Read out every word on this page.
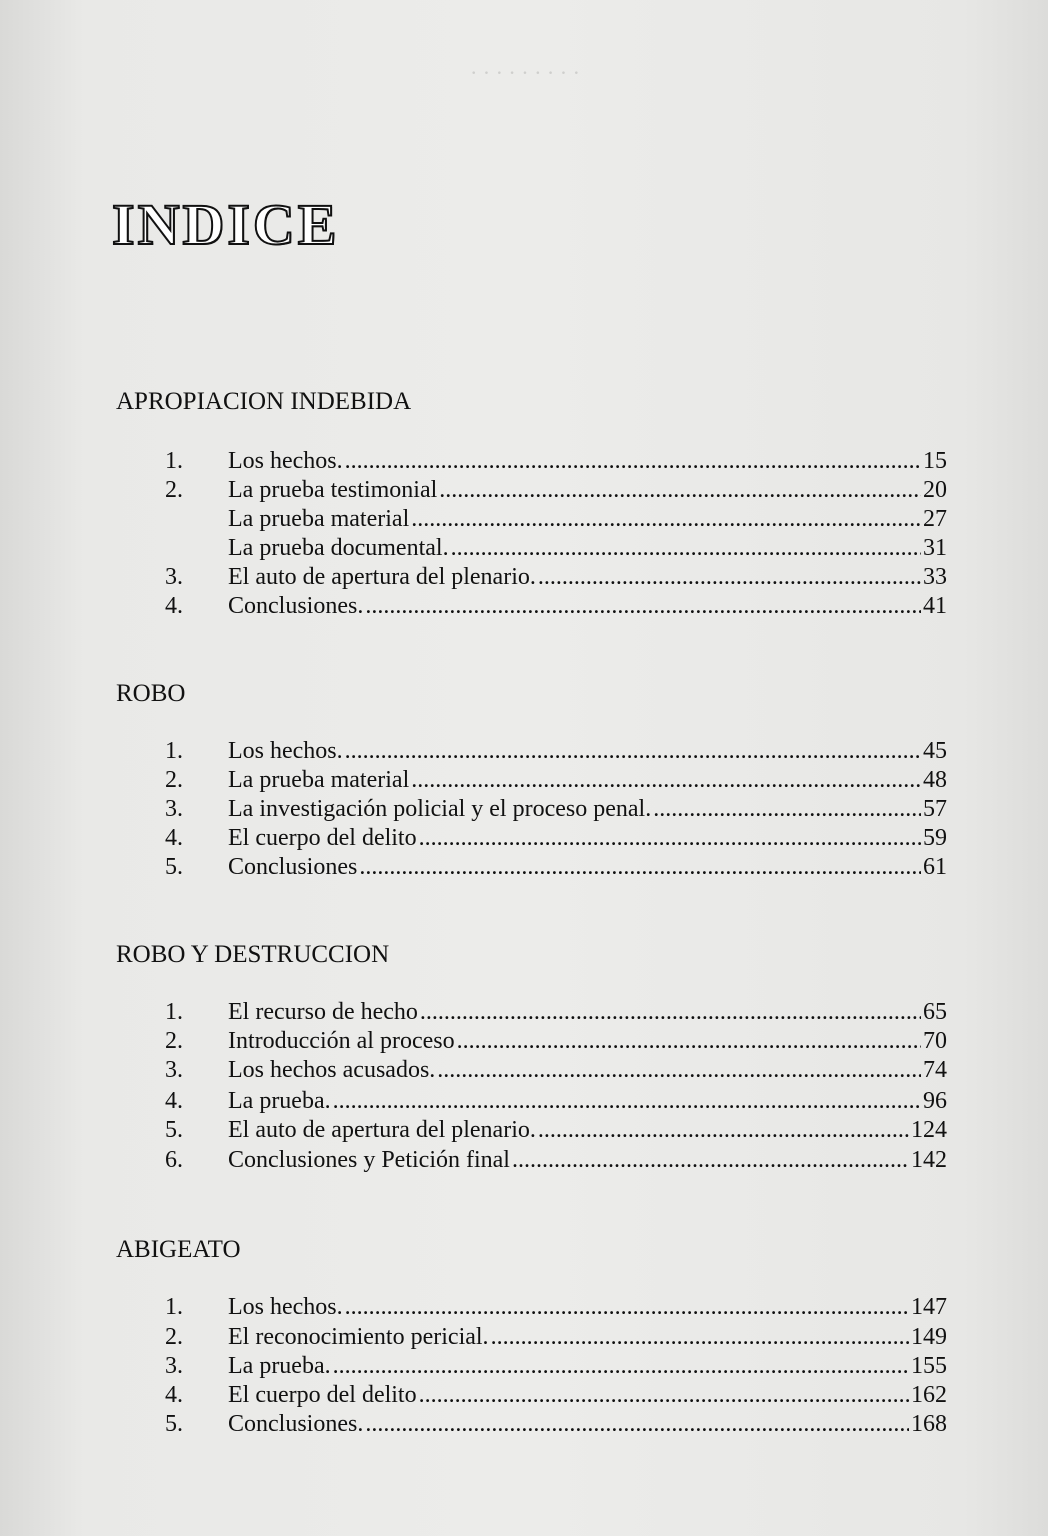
· · · · · · · · ·
INDICE
APROPIACION INDEBIDA
1.	Los hechos. . . .	15
2.	La prueba testimonial . . .	20
La prueba material . . .	27
La prueba documental. . . .	31
3.	El auto de apertura del plenario. . . .	33
4.	Conclusiones. . . .	41
ROBO
1.	Los hechos. . . .	45
2.	La prueba material . . .	48
3.	La investigación policial y el proceso penal. . . .	57
4.	El cuerpo del delito . . .	59
5.	Conclusiones . . .	61
ROBO Y DESTRUCCION
1.	El recurso de hecho . . .	65
2.	Introducción al proceso . . .	70
3.	Los hechos acusados. . . .	74
4.	La prueba. . . .	96
5.	El auto de apertura del plenario. . . .	124
6.	Conclusiones y Petición final . . .	142
ABIGEATO
1.	Los hechos. . . .	147
2.	El reconocimiento pericial. . . .	149
3.	La prueba. . . .	155
4.	El cuerpo del delito . . .	162
5.	Conclusiones. . . .	168
